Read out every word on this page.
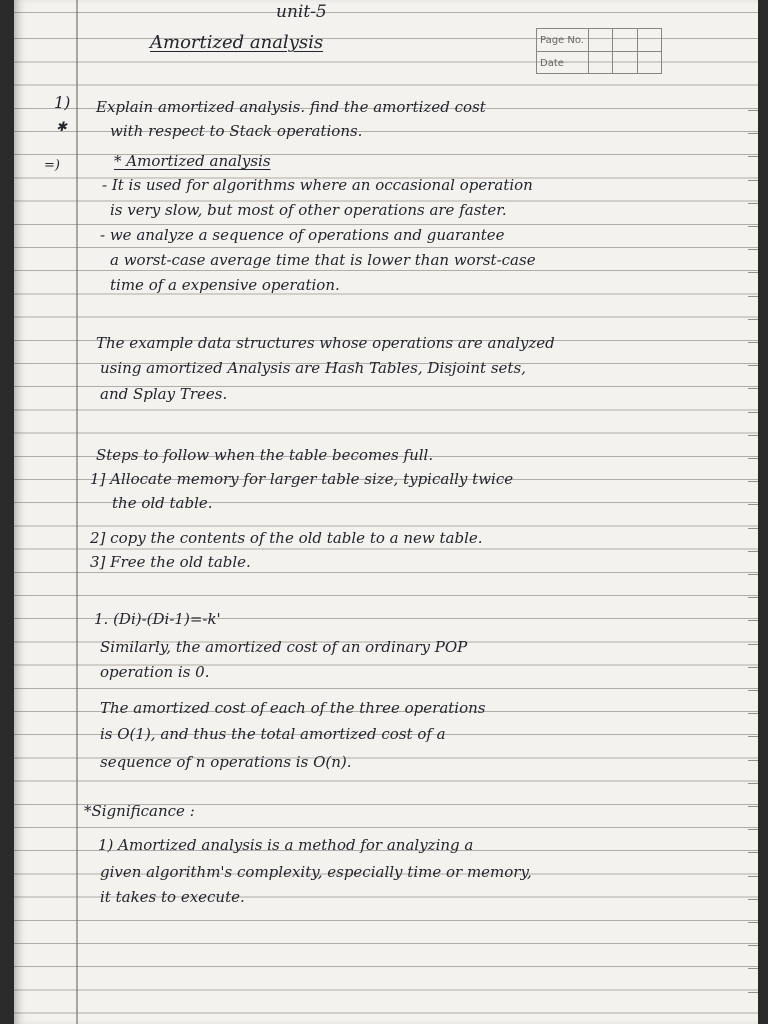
unit-5
Amortized analysis	Page No.
Date
1)
✱
=)
Explain amortized analysis. find the amortized cost
with respect to Stack operations.
* Amortized analysis
- It is used for algorithms where an occasional operation
is very slow, but most of other operations are faster.
- we analyze a sequence of operations and guarantee
a worst-case average time that is lower than worst-case
time of a expensive operation.
The example data structures whose operations are analyzed
using amortized Analysis are Hash Tables, Disjoint sets,
and Splay Trees.
Steps to follow when the table becomes full.
1] Allocate memory for larger table size, typically twice
the old table.
2] copy the contents of the old table to a new table.
3] Free the old table.
1. (Di)-(Di-1)=-k'
Similarly, the amortized cost of an ordinary POP
operation is 0.
The amortized cost of each of the three operations
is O(1), and thus the total amortized cost of a
sequence of n operations is O(n).
*Significance :
1) Amortized analysis is a method for analyzing a
given algorithm's complexity, especially time or memory,
it takes to execute.
